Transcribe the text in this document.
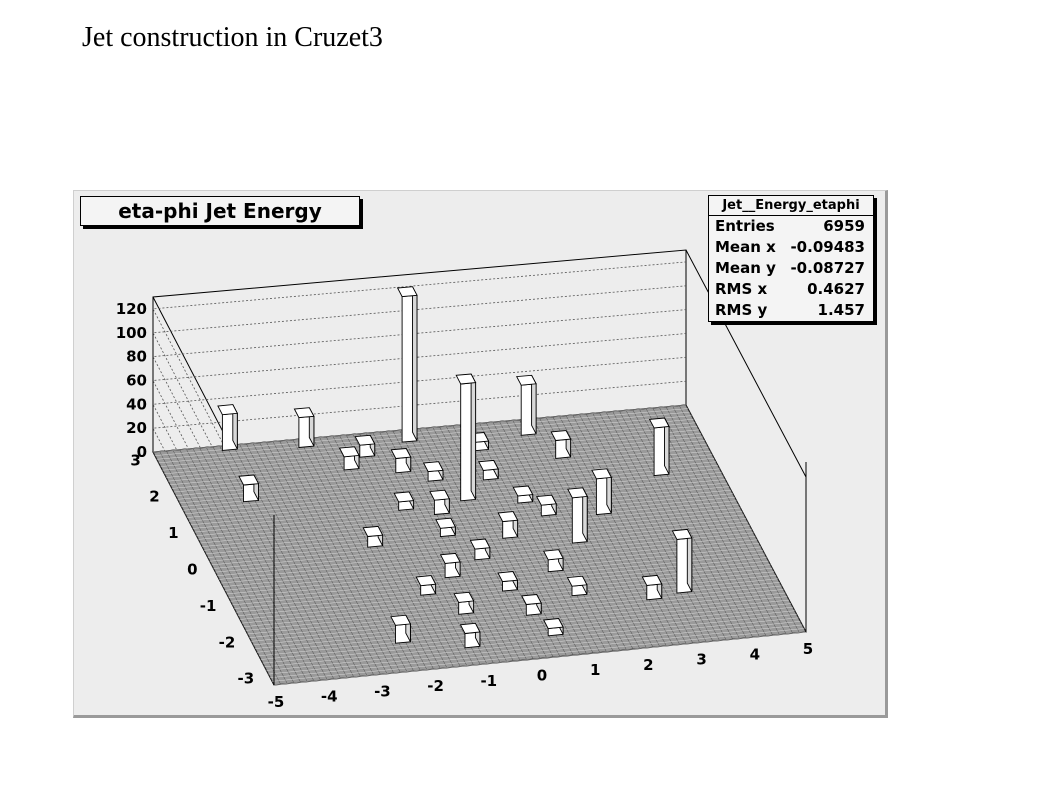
Jet construction in Cruzet3
0
20
40
60
80
100
120
-3
-2
-1
0
1
2
3
-5 -4 -3 -2 -1	0	1	2	3	4	5
eta-phi Jet Energy	Jet__Energy_etaphi
Entries	6959
Mean x -0.09483
Mean y -0.08727
RMS x	0.4627
RMS y	1.457
